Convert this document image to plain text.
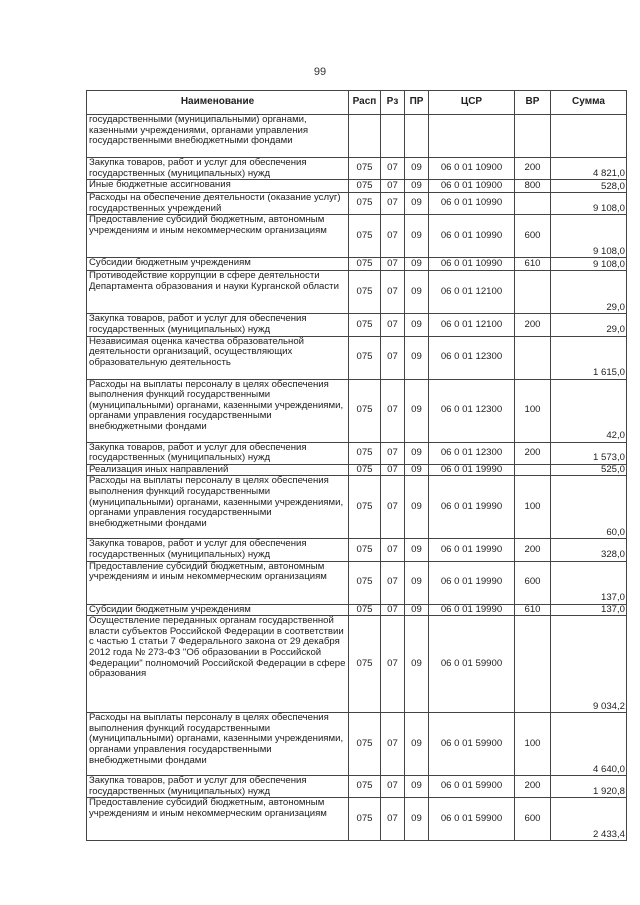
99
Наименование	Расп	Рз	ПР	ЦСР	ВР	Сумма
государственными (муниципальными) органами, казенными учреждениями, органами управления государственными внебюджетными фондами						
Закупка товаров, работ и услуг для обеспечения государственных (муниципальных) нужд	075	07	09	06 0 01 10900	200	4 821,0
Иные бюджетные ассигнования	075	07	09	06 0 01 10900	800	528,0
Расходы на обеспечение деятельности (оказание услуг) государственных учреждений	075	07	09	06 0 01 10990		9 108,0
Предоставление субсидий бюджетным, автономным учреждениям и иным некоммерческим организациям	075	07	09	06 0 01 10990	600	9 108,0
Субсидии бюджетным учреждениям	075	07	09	06 0 01 10990	610	9 108,0
Противодействие коррупции в сфере деятельности Департамента образования и науки Курганской области	075	07	09	06 0 01 12100		29,0
Закупка товаров, работ и услуг для обеспечения государственных (муниципальных) нужд	075	07	09	06 0 01 12100	200	29,0
Независимая оценка качества образовательной деятельности организаций, осуществляющих образовательную деятельность	075	07	09	06 0 01 12300		1 615,0
Расходы на выплаты персоналу в целях обеспечения выполнения функций государственными (муниципальными) органами, казенными учреждениями, органами управления государственными внебюджетными фондами	075	07	09	06 0 01 12300	100	42,0
Закупка товаров, работ и услуг для обеспечения государственных (муниципальных) нужд	075	07	09	06 0 01 12300	200	1 573,0
Реализация иных направлений	075	07	09	06 0 01 19990		525,0
Расходы на выплаты персоналу в целях обеспечения выполнения функций государственными (муниципальными) органами, казенными учреждениями, органами управления государственными внебюджетными фондами	075	07	09	06 0 01 19990	100	60,0
Закупка товаров, работ и услуг для обеспечения государственных (муниципальных) нужд	075	07	09	06 0 01 19990	200	328,0
Предоставление субсидий бюджетным, автономным учреждениям и иным некоммерческим организациям	075	07	09	06 0 01 19990	600	137,0
Субсидии бюджетным учреждениям	075	07	09	06 0 01 19990	610	137,0
Осуществление переданных органам государственной власти субъектов Российской Федерации в соответствии с частью 1 статьи 7 Федерального закона от 29 декабря 2012 года № 273-ФЗ "Об образовании в Российской Федерации" полномочий Российской Федерации в сфере образования	075	07	09	06 0 01 59900		9 034,2
Расходы на выплаты персоналу в целях обеспечения выполнения функций государственными (муниципальными) органами, казенными учреждениями, органами управления государственными внебюджетными фондами	075	07	09	06 0 01 59900	100	4 640,0
Закупка товаров, работ и услуг для обеспечения государственных (муниципальных) нужд	075	07	09	06 0 01 59900	200	1 920,8
Предоставление субсидий бюджетным, автономным учреждениям и иным некоммерческим организациям	075	07	09	06 0 01 59900	600	2 433,4
